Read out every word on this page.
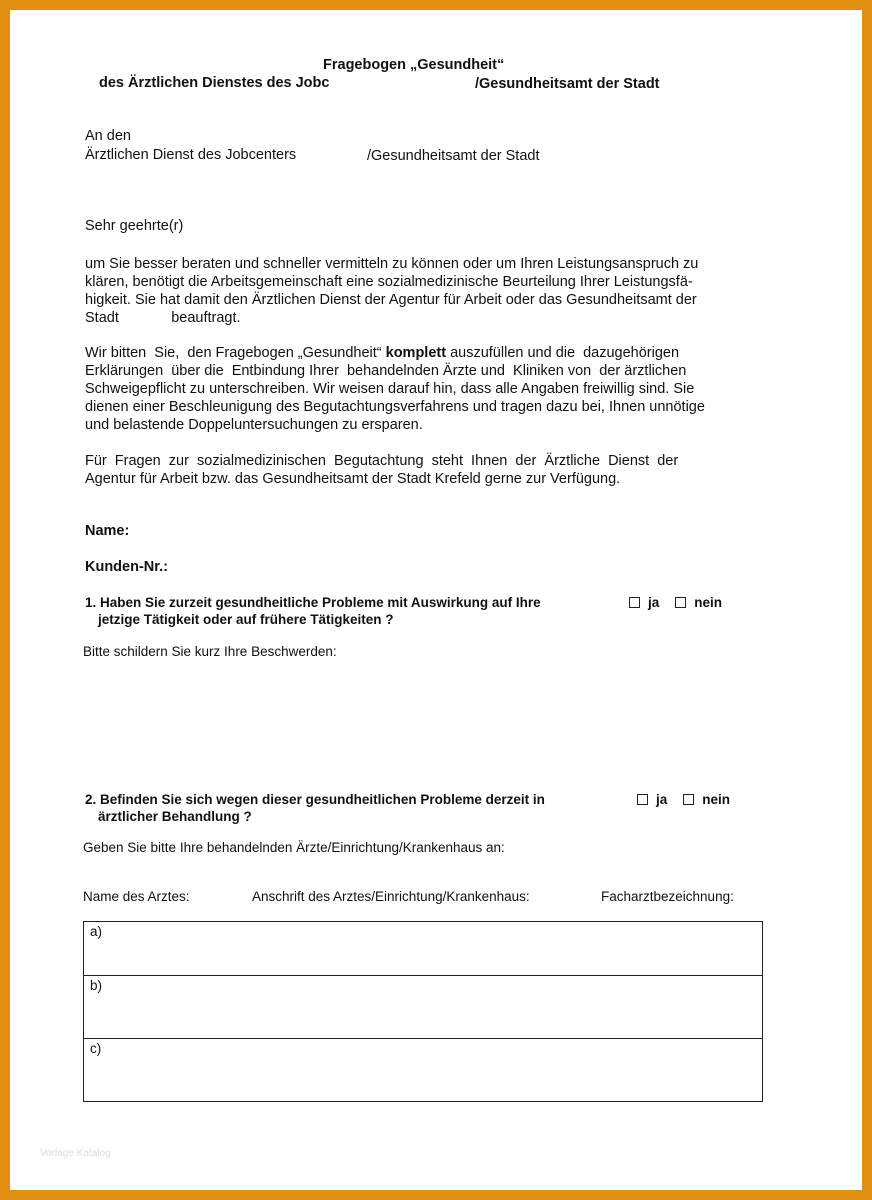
Fragebogen „Gesundheit“
des Ärztlichen Dienstes des Jobc	/Gesundheitsamt der Stadt
An den
Ärztlichen Dienst des Jobcenters	/Gesundheitsamt der Stadt
Sehr geehrte(r)
um Sie besser beraten und schneller vermitteln zu können oder um Ihren Leistungsanspruch zu
klären, benötigt die Arbeitsgemeinschaft eine sozialmedizinische Beurteilung Ihrer Leistungsfä-
higkeit. Sie hat damit den Ärztlichen Dienst der Agentur für Arbeit oder das Gesundheitsamt der
Stadt             beauftragt.
Wir bitten  Sie,  den Fragebogen „Gesundheit“ komplett auszufüllen und die  dazugehörigen
Erklärungen  über die  Entbindung Ihrer  behandelnden Ärzte und  Kliniken von  der ärztlichen
Schweigepflicht zu unterschreiben. Wir weisen darauf hin, dass alle Angaben freiwillig sind. Sie
dienen einer Beschleunigung des Begutachtungsverfahrens und tragen dazu bei, Ihnen unnötige
und belastende Doppeluntersuchungen zu ersparen.
Für  Fragen  zur  sozialmedizinischen  Begutachtung  steht  Ihnen  der  Ärztliche  Dienst  der
Agentur für Arbeit bzw. das Gesundheitsamt der Stadt Krefeld gerne zur Verfügung.
Name:
Kunden-Nr.:
1. Haben Sie zurzeit gesundheitliche Probleme mit Auswirkung auf Ihre
jetzige Tätigkeit oder auf frühere Tätigkeiten ?
ja	nein
Bitte schildern Sie kurz Ihre Beschwerden:
2. Befinden Sie sich wegen dieser gesundheitlichen Probleme derzeit in
ärztlicher Behandlung ?
ja	nein
Geben Sie bitte Ihre behandelnden Ärzte/Einrichtung/Krankenhaus an:
Name des Arztes:	Anschrift des Arztes/Einrichtung/Krankenhaus:	Facharztbezeichnung:
a)
b)
c)
Vorlage Katalog
